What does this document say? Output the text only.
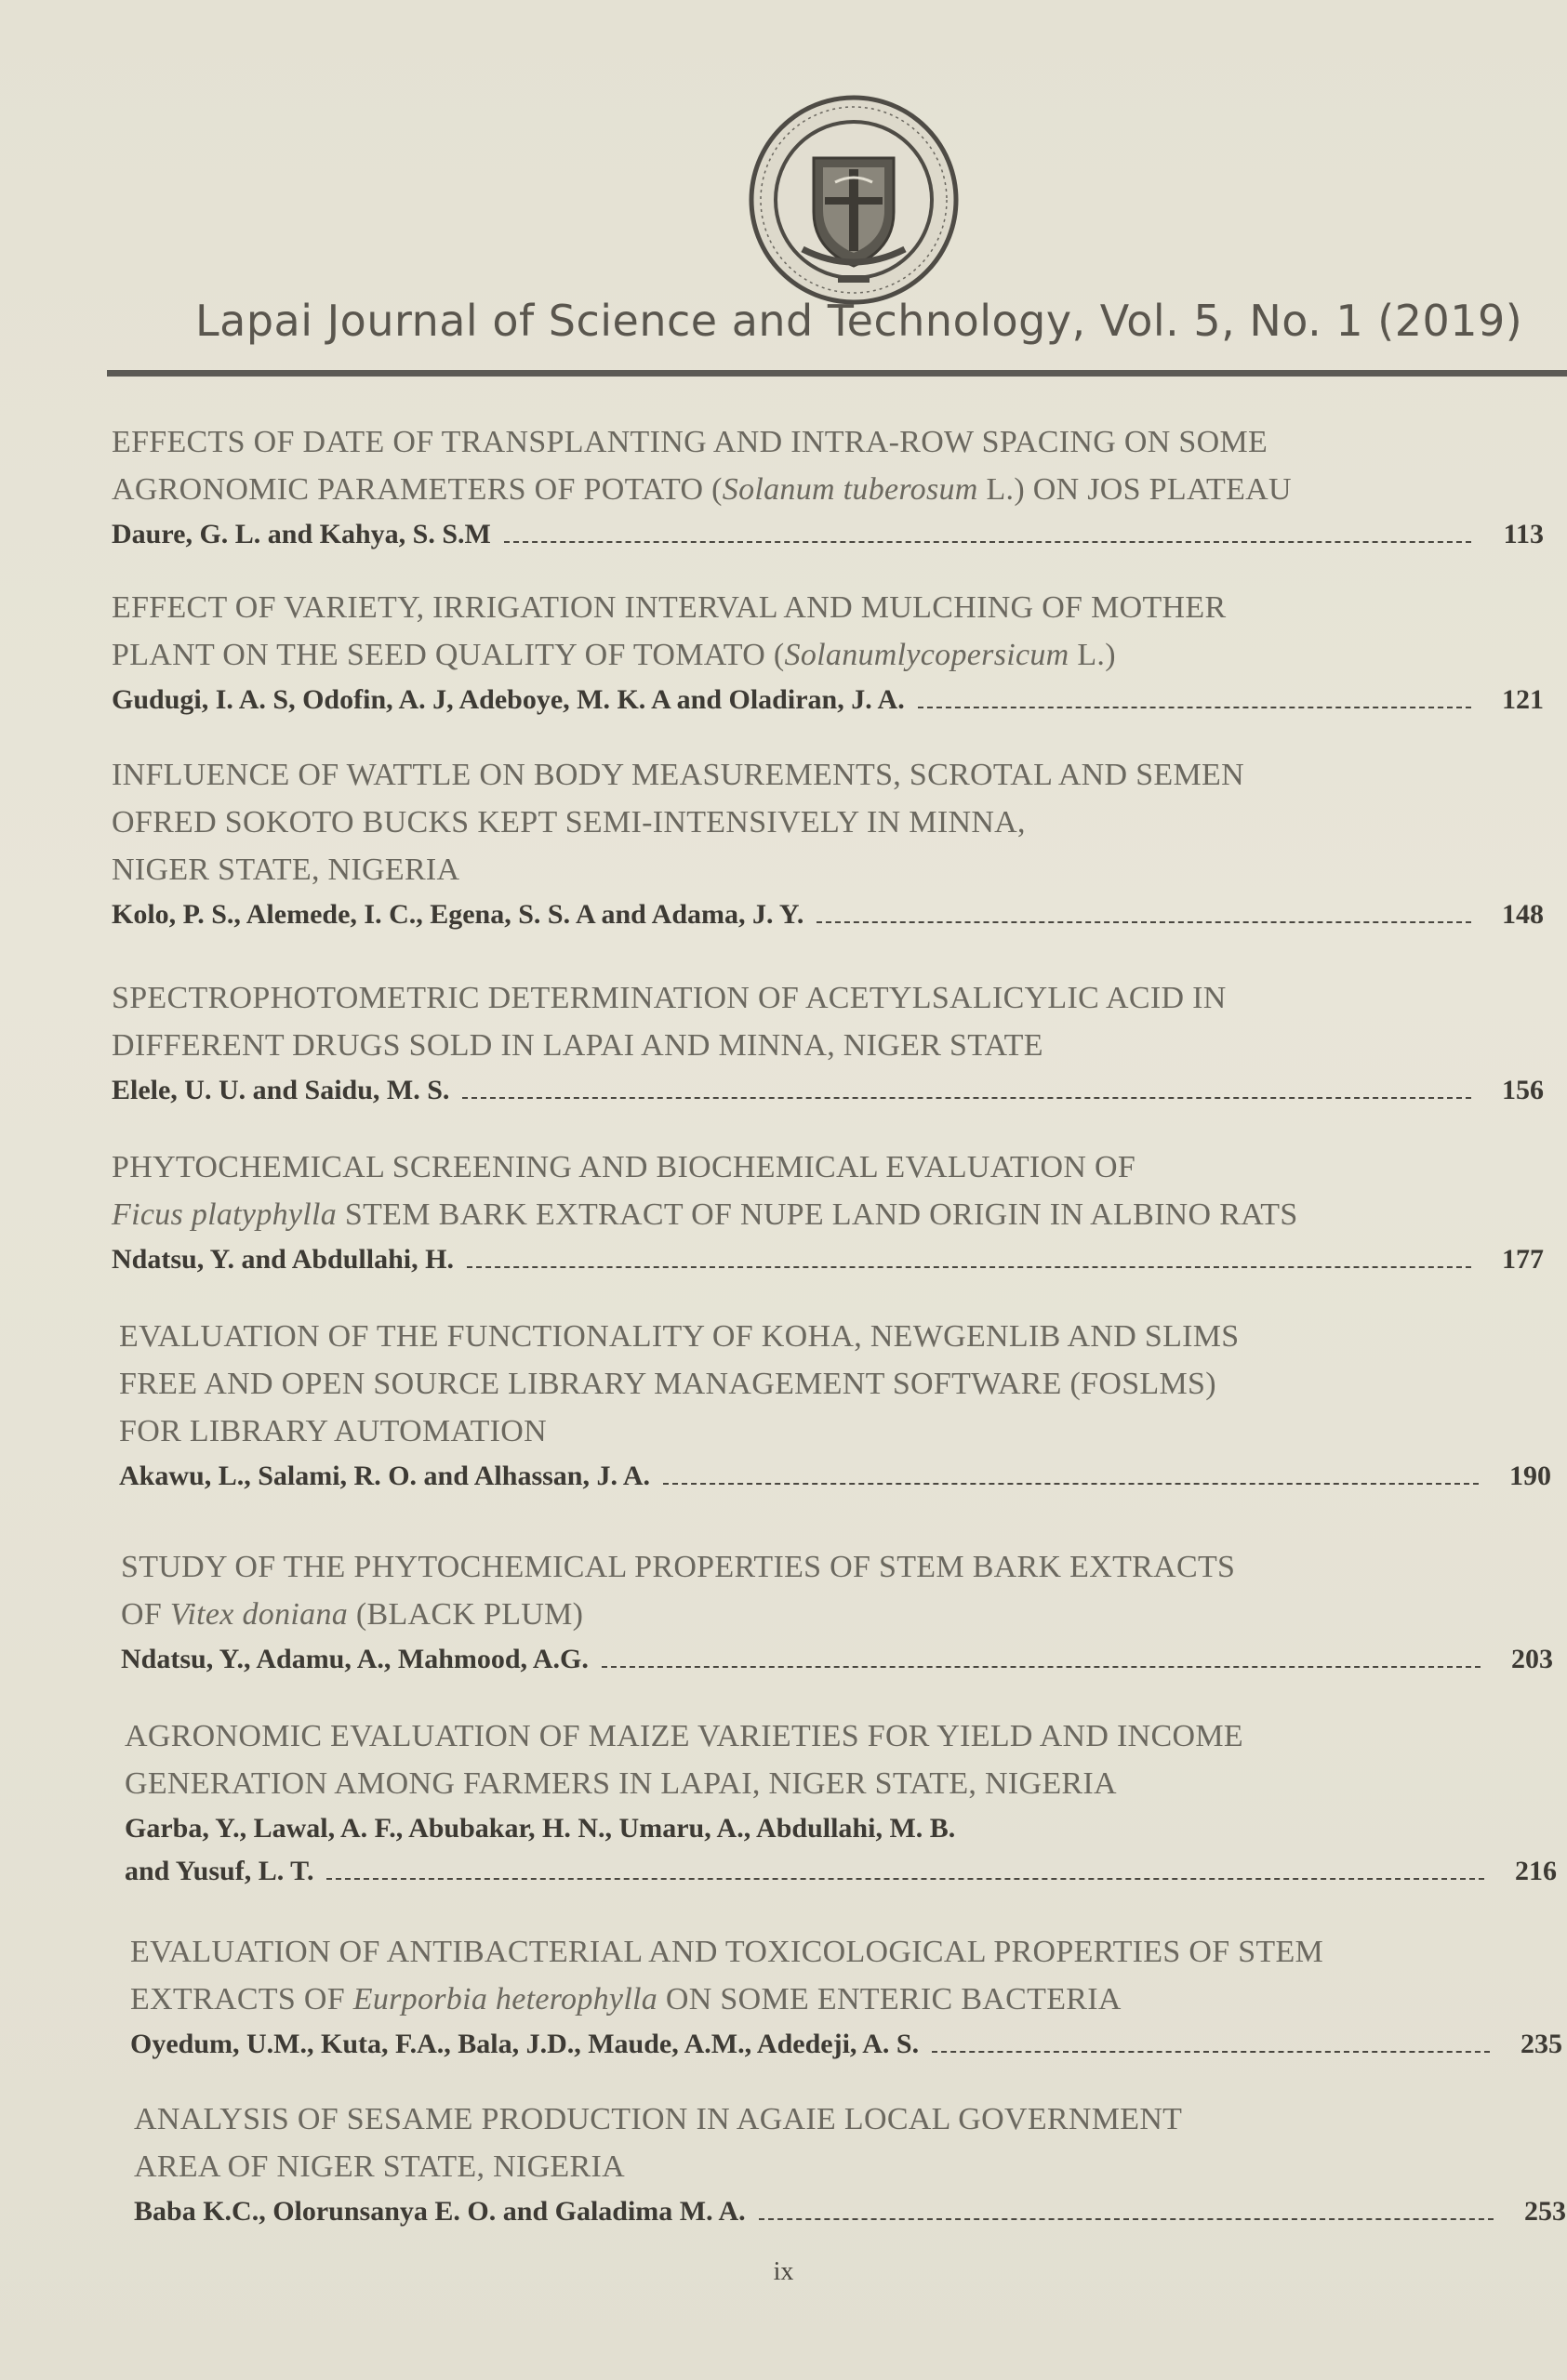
Lapai Journal of Science and Technology, Vol. 5, No. 1 (2019)
EFFECTS OF DATE OF TRANSPLANTING AND INTRA-ROW SPACING ON SOME
AGRONOMIC PARAMETERS OF POTATO (Solanum tuberosum L.) ON JOS PLATEAU
Daure, G. L. and Kahya, S. S.M	113
EFFECT OF VARIETY, IRRIGATION INTERVAL AND MULCHING OF MOTHER
PLANT ON THE SEED QUALITY OF TOMATO (Solanumlycopersicum L.)
Gudugi, I. A. S, Odofin, A. J, Adeboye, M. K. A and Oladiran, J. A.	121
INFLUENCE OF WATTLE ON BODY MEASUREMENTS, SCROTAL AND SEMEN
OFRED SOKOTO BUCKS KEPT SEMI-INTENSIVELY IN MINNA,
NIGER STATE, NIGERIA
Kolo, P. S., Alemede, I. C., Egena, S. S. A and Adama, J. Y.	148
SPECTROPHOTOMETRIC DETERMINATION OF ACETYLSALICYLIC ACID IN
DIFFERENT DRUGS SOLD IN LAPAI AND MINNA, NIGER STATE
Elele, U. U. and Saidu, M. S.	156
PHYTOCHEMICAL SCREENING AND BIOCHEMICAL EVALUATION OF
Ficus platyphylla STEM BARK EXTRACT OF NUPE LAND ORIGIN IN ALBINO RATS
Ndatsu, Y. and Abdullahi, H.	177
EVALUATION OF THE FUNCTIONALITY OF KOHA, NEWGENLIB AND SLIMS
FREE AND OPEN SOURCE LIBRARY MANAGEMENT SOFTWARE (FOSLMS)
FOR LIBRARY AUTOMATION
Akawu, L., Salami, R. O. and Alhassan, J. A.	190
STUDY OF THE PHYTOCHEMICAL PROPERTIES OF STEM BARK EXTRACTS
OF Vitex doniana (BLACK PLUM)
Ndatsu, Y., Adamu, A., Mahmood, A.G.	203
AGRONOMIC EVALUATION OF MAIZE VARIETIES FOR YIELD AND INCOME
GENERATION AMONG FARMERS IN LAPAI, NIGER STATE, NIGERIA
Garba, Y., Lawal, A. F., Abubakar, H. N., Umaru, A., Abdullahi, M. B.
and Yusuf, L. T.	216
EVALUATION OF ANTIBACTERIAL AND TOXICOLOGICAL PROPERTIES OF STEM
EXTRACTS OF Eurporbia heterophylla ON SOME ENTERIC BACTERIA
Oyedum, U.M., Kuta, F.A., Bala, J.D., Maude, A.M., Adedeji, A. S.	235
ANALYSIS OF SESAME PRODUCTION IN AGAIE LOCAL GOVERNMENT
AREA OF NIGER STATE, NIGERIA
Baba K.C., Olorunsanya E. O. and Galadima M. A.	253
ix
